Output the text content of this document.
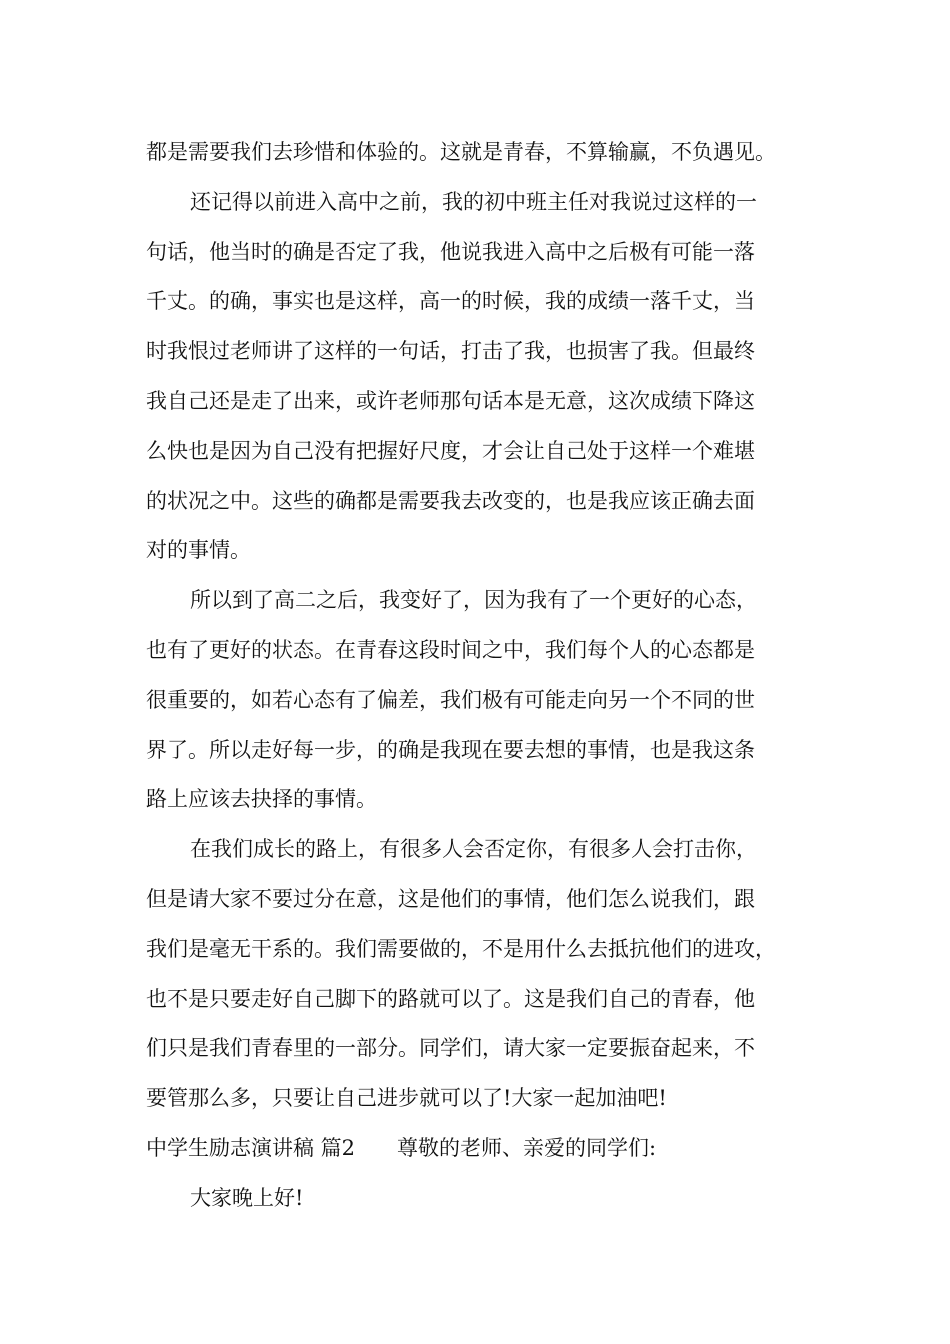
都是需要我们去珍惜和体验的。这就是青春，不算输赢，不负遇见。
还记得以前进入高中之前，我的初中班主任对我说过这样的一
句话，他当时的确是否定了我，他说我进入高中之后极有可能一落
千丈。的确，事实也是这样，高一的时候，我的成绩一落千丈，当
时我恨过老师讲了这样的一句话，打击了我，也损害了我。但最终
我自己还是走了出来，或许老师那句话本是无意，这次成绩下降这
么快也是因为自己没有把握好尺度，才会让自己处于这样一个难堪
的状况之中。这些的确都是需要我去改变的，也是我应该正确去面
对的事情。
所以到了高二之后，我变好了，因为我有了一个更好的心态，
也有了更好的状态。在青春这段时间之中，我们每个人的心态都是
很重要的，如若心态有了偏差，我们极有可能走向另一个不同的世
界了。所以走好每一步，的确是我现在要去想的事情，也是我这条
路上应该去抉择的事情。
在我们成长的路上，有很多人会否定你，有很多人会打击你，
但是请大家不要过分在意，这是他们的事情，他们怎么说我们，跟
我们是毫无干系的。我们需要做的，不是用什么去抵抗他们的进攻，
也不是只要走好自己脚下的路就可以了。这是我们自己的青春，他
们只是我们青春里的一部分。同学们，请大家一定要振奋起来，不
要管那么多，只要让自己进步就可以了!大家一起加油吧!
中学生励志演讲稿 篇2 尊敬的老师、亲爱的同学们:
大家晚上好!
